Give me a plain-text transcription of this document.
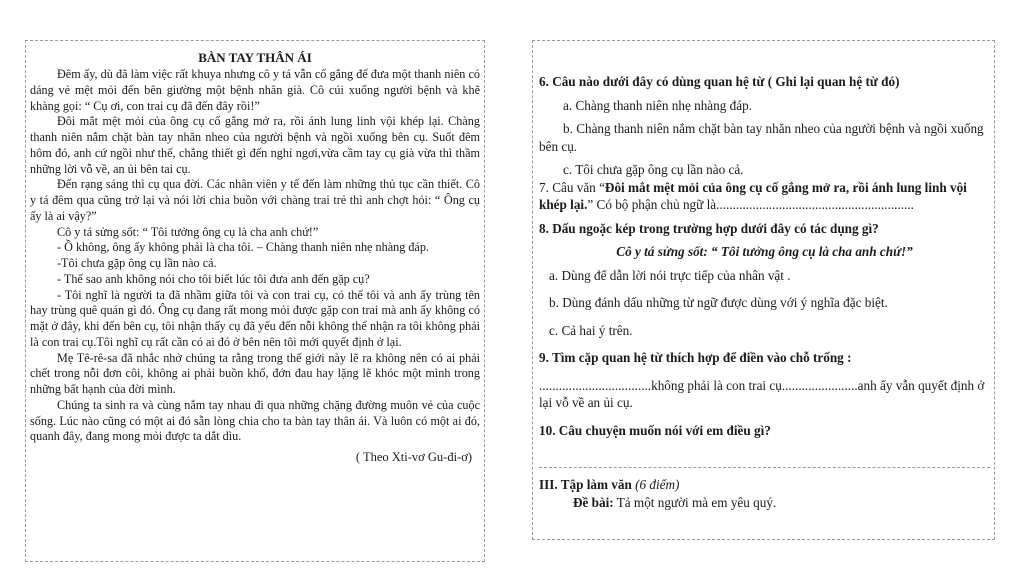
BÀN TAY THÂN ÁI

Đêm ấy, dù đã làm việc rất khuya nhưng cô y tá vẫn cố gắng để đưa một thanh niên có dáng vẻ mệt mỏi đến bên giường một bệnh nhân già. Cô cúi xuống người bệnh và khẽ khàng gọi: “ Cụ ơi, con trai cụ đã đến đây rồi!”

Đôi mắt mệt mỏi của ông cụ cố gắng mở ra, rồi ánh lung linh vội khép lại. Chàng thanh niên nắm chặt bàn tay nhăn nheo của người bệnh và ngồi xuống bên cụ. Suốt đêm hôm đó, anh cứ ngồi như thế, chẳng thiết gì đến nghỉ ngơi,vừa cầm tay cụ già vừa thì thầm những lời vỗ về, an ủi bên tai cụ.

Đến rạng sáng thì cụ qua đời. Các nhân viên y tế đến làm những thủ tục cần thiết. Cô y tá đêm qua cũng trở lại và nói lời chia buồn với chàng trai trẻ thì anh chợt hỏi: “ Ông cụ ấy là ai vậy?”

Cô y tá sửng sốt: “ Tôi tưởng ông cụ là cha anh chứ!”

- Ồ không, ông ấy không phải là cha tôi. – Chàng thanh niên nhẹ nhàng đáp.

-Tôi chưa gặp ông cụ lần nào cả.

- Thế sao anh không nói cho tôi biết lúc tôi đưa anh đến gặp cụ?

- Tôi nghĩ là người ta đã nhầm giữa tôi và con trai cụ, có thể tôi và anh ấy trùng tên hay trùng quê quán gì đó. Ông cụ đang rất mong mỏi được gặp con trai mà anh ấy không có mặt ở đây, khi đến bên cụ, tôi nhận thấy cụ đã yếu đến nỗi không thể nhận ra tôi không phải là con trai cụ.Tôi nghĩ cụ rất cần có ai đó ở bên nên tôi mới quyết định ở lại.

Mẹ Tê-rê-sa đã nhắc nhở chúng ta rằng trong thế giới này lẽ ra không nên có ai phải chết trong nỗi đơn côi, không ai phải buồn khổ, đớn đau hay lặng lẽ khóc một mình trong những bất hạnh của đời mình.

Chúng ta sinh ra và cùng nắm tay nhau đi qua những chặng đường muôn vẻ của cuộc sống. Lúc nào cũng có một ai đó sẵn lòng chia cho ta bàn tay thân ái. Và luôn có một ai đó, quanh đây, đang mong mỏi được ta dắt dìu.

( Theo Xti-vơ Gu-đi-ơ)

6. Câu nào dưới đây có dùng quan hệ từ ( Ghi lại quan hệ từ đó)

a. Chàng thanh niên nhẹ nhàng đáp.

b. Chàng thanh niên nắm chặt bàn tay nhăn nheo của người bệnh và ngồi xuống bên cụ.

c. Tôi chưa gặp ông cụ lần nào cả.

7. Câu văn “Đôi mắt mệt mỏi của ông cụ cố gắng mở ra, rồi ánh lung linh vội khép lại.” Có bộ phận chủ ngữ là............................................................

8. Dấu ngoặc kép trong trường hợp dưới đây có tác dụng gì?

Cô y tá sửng sốt: “ Tôi tưởng ông cụ là cha anh chứ!”

a. Dùng để dẫn lời nói trực tiếp của nhân vật .

b. Dùng đánh dấu những từ ngữ được dùng với ý nghĩa đặc biệt.

c. Cả hai ý trên.

9. Tìm cặp quan hệ từ thích hợp để điền vào chỗ trống :

..................................không phải là con trai cụ.......................anh ấy vẫn quyết định ở lại vỗ về an ủi cụ.

10. Câu chuyện muốn nói với em điều gì?

III. Tập làm văn (6 điểm)

Đề bài: Tả một người mà em yêu quý.
